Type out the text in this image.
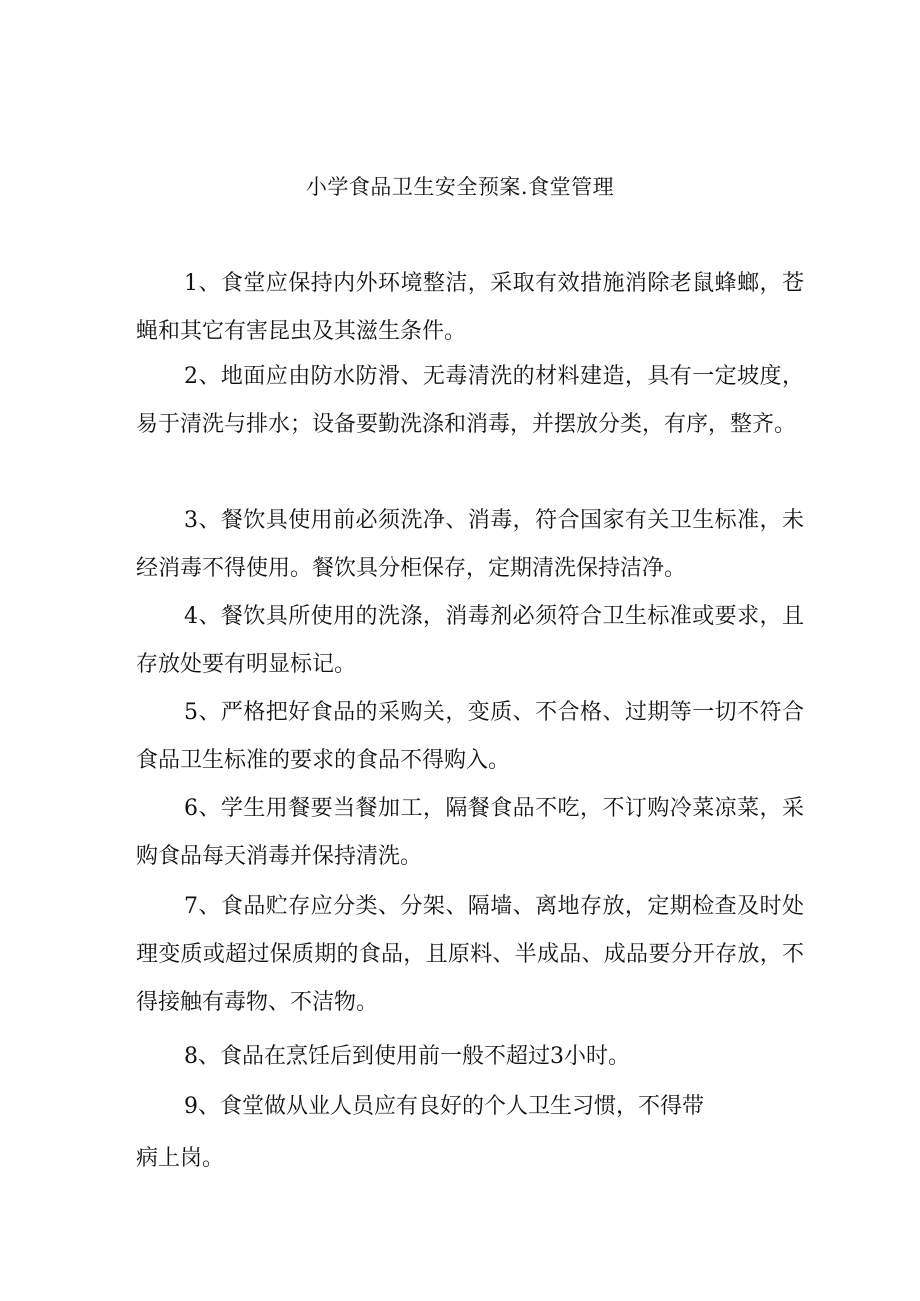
小学食品卫生安全预案.食堂管理
1、食堂应保持内外环境整洁，采取有效措施消除老鼠蜂螂，苍蝇和其它有害昆虫及其滋生条件。
2、地面应由防水防滑、无毒清洗的材料建造，具有一定坡度，易于清洗与排水；设备要勤洗涤和消毒，并摆放分类，有序，整齐。
3、餐饮具使用前必须洗净、消毒，符合国家有关卫生标准，未经消毒不得使用。餐饮具分柜保存，定期清洗保持洁净。
4、餐饮具所使用的洗涤，消毒剂必须符合卫生标准或要求，且存放处要有明显标记。
5、严格把好食品的采购关，变质、不合格、过期等一切不符合食品卫生标准的要求的食品不得购入。
6、学生用餐要当餐加工，隔餐食品不吃，不订购冷菜凉菜，采购食品每天消毒并保持清洗。
7、食品贮存应分类、分架、隔墙、离地存放，定期检查及时处理变质或超过保质期的食品，且原料、半成品、成品要分开存放，不得接触有毒物、不洁物。
8、食品在烹饪后到使用前一般不超过3小时。
9、食堂做从业人员应有良好的个人卫生习惯，不得带
病上岗。
